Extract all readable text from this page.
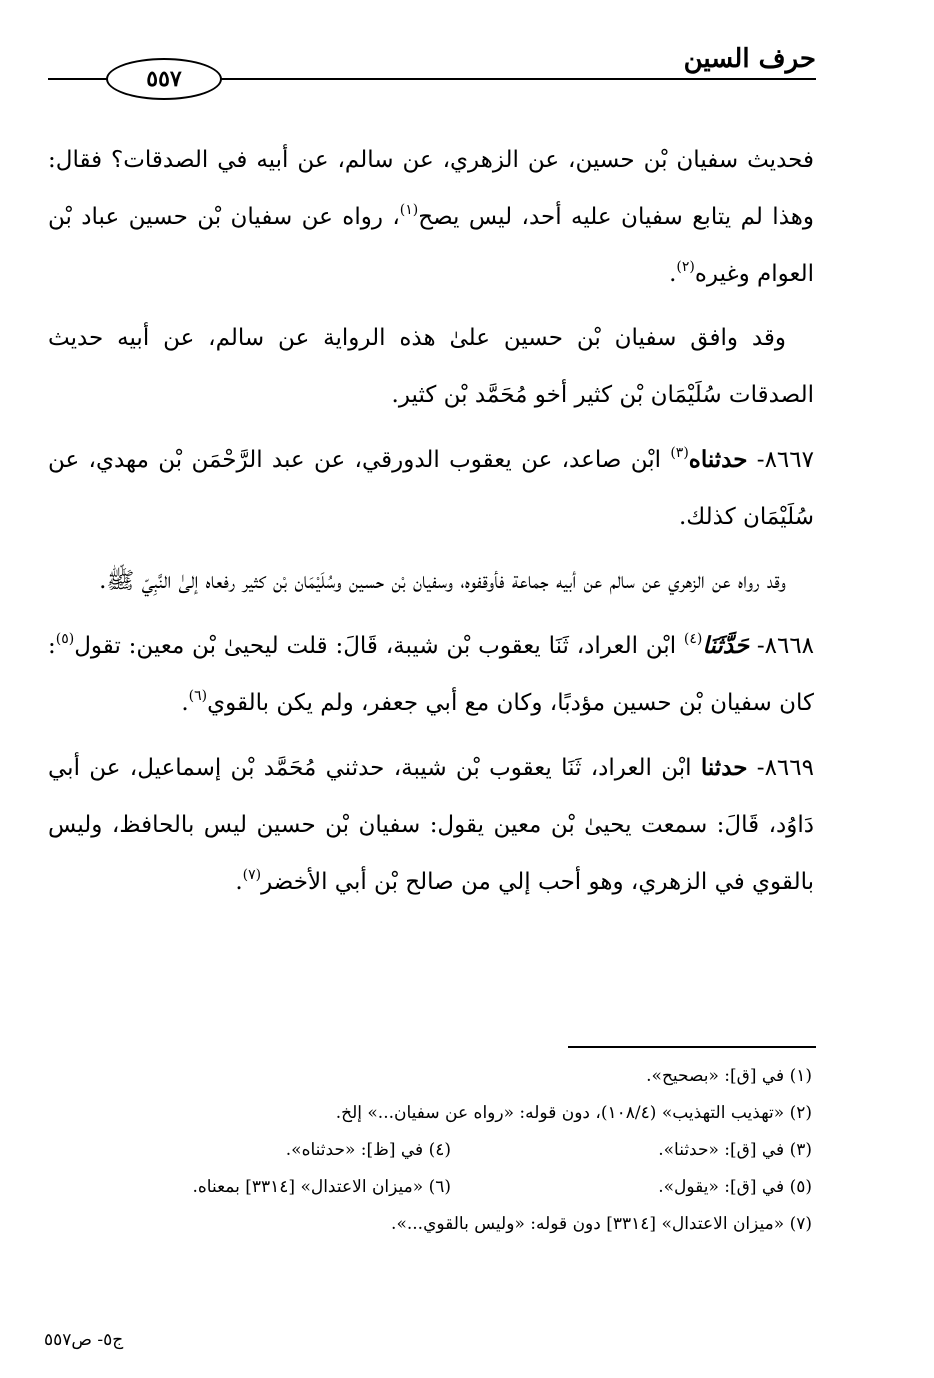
حرف السين
٥٥٧

فحديث سفيان بْن حسين، عن الزهري، عن سالم، عن أبيه في الصدقات؟ فقال: وهذا لم يتابع سفيان عليه أحد، ليس يصح$^{(١)}$، رواه عن سفيان بْن حسين عباد بْن العوام وغيره$^{(٢)}$.

وقد وافق سفيان بْن حسين علىٰ هذه الرواية عن سالم، عن أبيه حديث الصدقات سُلَيْمَان بْن كثير أخو مُحَمَّد بْن كثير.

٨٦٦٧- حدثناه$^{(٣)}$ ابْن صاعد، عن يعقوب الدورقي، عن عبد الرَّحْمَن بْن مهدي، عن سُلَيْمَان كذلك.

وقد رواه عن الزهري عن سالم عن أبيه جماعة فأوقفوه، وسفيان بْن حسين وسُلَيْمَان بْن كثير رفعاه إلىٰ النَّبِيّ ﷺ.

٨٦٦٨- حَدَّثَنَا$^{(٤)}$ ابْن العراد، ثَنَا يعقوب بْن شيبة، قَالَ: قلت ليحيىٰ بْن معين: تقول$^{(٥)}$: كان سفيان بْن حسين مؤدبًا، وكان مع أبي جعفر، ولم يكن بالقوي$^{(٦)}$.

٨٦٦٩- حدثنا ابْن العراد، ثَنَا يعقوب بْن شيبة، حدثني مُحَمَّد بْن إسماعيل، عن أبي دَاوُد، قَالَ: سمعت يحيىٰ بْن معين يقول: سفيان بْن حسين ليس بالحافظ، وليس بالقوي في الزهري، وهو أحب إلي من صالح بْن أبي الأخضر$^{(٧)}$.

(١) في [ق]: «بصحيح».
(٢) «تهذيب التهذيب» (١٠٨/٤)، دون قوله: «رواه عن سفيان...» إلخ.
(٣) في [ق]: «حدثنا».
(٤) في [ظ]: «حدثناه».
(٥) في [ق]: «يقول».
(٦) «ميزان الاعتدال» [٣٣١٤] بمعناه.
(٧) «ميزان الاعتدال» [٣٣١٤] دون قوله: «وليس بالقوي...».
ج٥- ص٥٥٧
